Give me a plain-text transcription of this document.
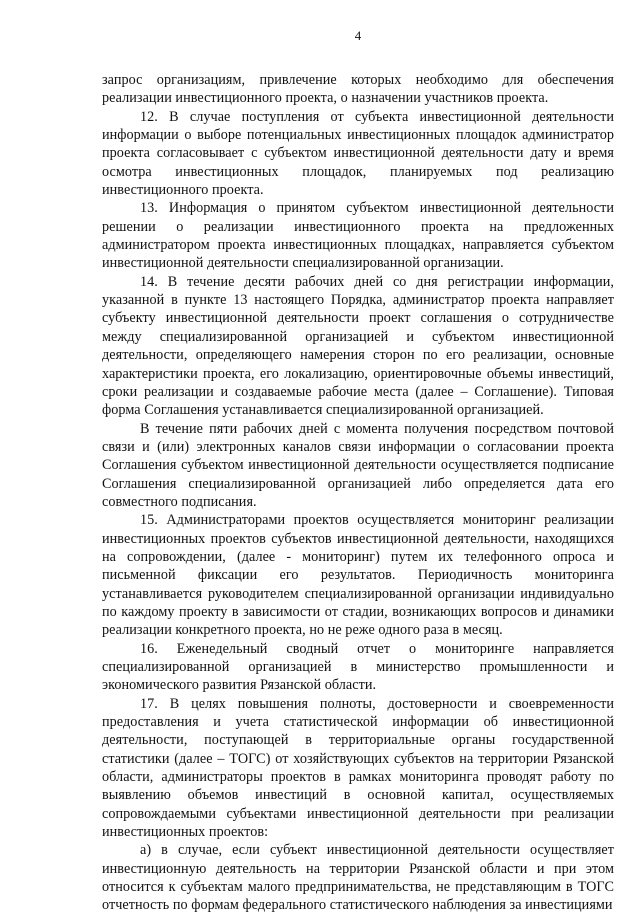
4

запрос организациям, привлечение которых необходимо для обеспечения реализации инвестиционного проекта, о назначении участников проекта.

12. В случае поступления от субъекта инвестиционной деятельности информации о выборе потенциальных инвестиционных площадок администратор проекта согласовывает с субъектом инвестиционной деятельности дату и время осмотра инвестиционных площадок, планируемых под реализацию инвестиционного проекта.

13. Информация о принятом субъектом инвестиционной деятельности решении о реализации инвестиционного проекта на предложенных администратором проекта инвестиционных площадках, направляется субъектом инвестиционной деятельности специализированной организации.

14. В течение десяти рабочих дней со дня регистрации информации, указанной в пункте 13 настоящего Порядка, администратор проекта направляет субъекту инвестиционной деятельности проект соглашения о сотрудничестве между специализированной организацией и субъектом инвестиционной деятельности, определяющего намерения сторон по его реализации, основные характеристики проекта, его локализацию, ориентировочные объемы инвестиций, сроки реализации и создаваемые рабочие места (далее – Соглашение). Типовая форма Соглашения устанавливается специализированной организацией.

В течение пяти рабочих дней с момента получения посредством почтовой связи и (или) электронных каналов связи информации о согласовании проекта Соглашения субъектом инвестиционной деятельности осуществляется подписание Соглашения специализированной организацией либо определяется дата его совместного подписания.

15. Администраторами проектов осуществляется мониторинг реализации инвестиционных проектов субъектов инвестиционной деятельности, находящихся на сопровождении, (далее - мониторинг) путем их телефонного опроса и письменной фиксации его результатов. Периодичность мониторинга устанавливается руководителем специализированной организации индивидуально по каждому проекту в зависимости от стадии, возникающих вопросов и динамики реализации конкретного проекта, но не реже одного раза в месяц.

16. Еженедельный сводный отчет о мониторинге направляется специализированной организацией в министерство промышленности и экономического развития Рязанской области.

17. В целях повышения полноты, достоверности и своевременности предоставления и учета статистической информации об инвестиционной деятельности, поступающей в территориальные органы государственной статистики (далее – ТОГС) от хозяйствующих субъектов на территории Рязанской области, администраторы проектов в рамках мониторинга проводят работу по выявлению объемов инвестиций в основной капитал, осуществляемых сопровождаемыми субъектами инвестиционной деятельности при реализации инвестиционных проектов:

а) в случае, если субъект инвестиционной деятельности осуществляет инвестиционную деятельность на территории Рязанской области и при этом относится к субъектам малого предпринимательства, не представляющим в ТОГС отчетность по формам федерального статистического наблюдения за инвестициями
